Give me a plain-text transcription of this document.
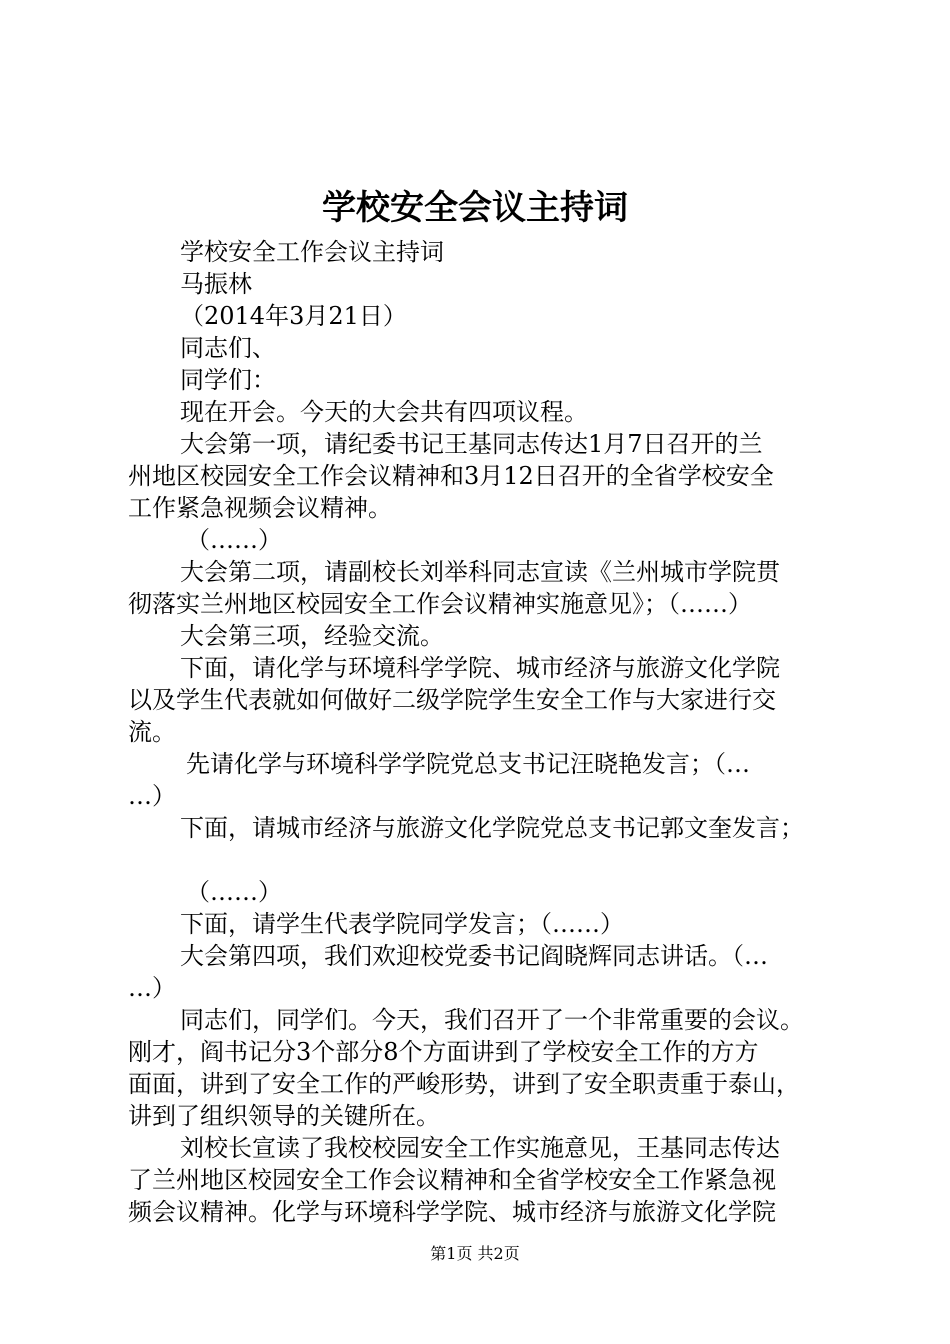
学校安全会议主持词

学校安全工作会议主持词

马振林

（2014年3月21日）

同志们、

同学们：

现在开会。今天的大会共有四项议程。

大会第一项，请纪委书记王基同志传达1月7日召开的兰

州地区校园安全工作会议精神和3月12日召开的全省学校安全

工作紧急视频会议精神。

（……）

大会第二项，请副校长刘举科同志宣读《兰州城市学院贯

彻落实兰州地区校园安全工作会议精神实施意见》；（……）

大会第三项，经验交流。

下面，请化学与环境科学学院、城市经济与旅游文化学院

以及学生代表就如何做好二级学院学生安全工作与大家进行交

流。

先请化学与环境科学学院党总支书记汪晓艳发言；（…

…）

下面，请城市经济与旅游文化学院党总支书记郭文奎发言；

（……）

下面，请学生代表学院同学发言；（……）

大会第四项，我们欢迎校党委书记阎晓辉同志讲话。（…

…）

同志们，同学们。今天，我们召开了一个非常重要的会议。

刚才，阎书记分3个部分8个方面讲到了学校安全工作的方方

面面，讲到了安全工作的严峻形势，讲到了安全职责重于泰山，

讲到了组织领导的关键所在。

刘校长宣读了我校校园安全工作实施意见，王基同志传达

了兰州地区校园安全工作会议精神和全省学校安全工作紧急视

频会议精神。化学与环境科学学院、城市经济与旅游文化学院

第1页 共2页
